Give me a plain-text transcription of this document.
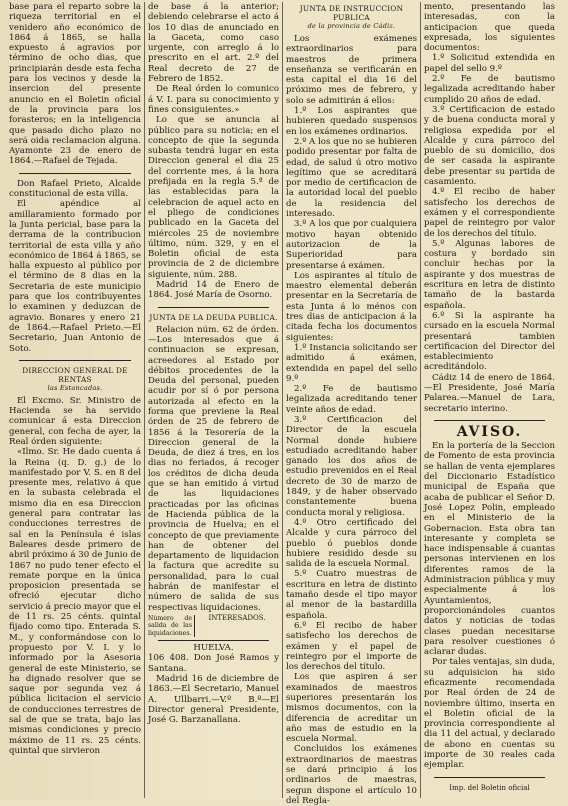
base para el reparto sobre la riqueza territorial en el venidero año económico de 1864 á 1865, se halla expuesto á agravios por término de ocho dias, que principiarán desde esta fecha para los vecinos y desde la insercion del presente anuncio en el Boletin oficial de la provincia para los forasteros; en la inteligencia que pasado dicho plazo no será oida reclamacion alguna. Ayamonte 23 de enero de 1864.—Rafael de Tejada.

Don Rafael Prieto, Alcalde constitucional de esta villa.

El apéndice al amillaramiento formado por la Junta pericial, base para la derrama de la contribucion territorial de esta villa y año económico de 1864 á 1865, se halla expuesto al público por el término de 8 dias en la Secretaria de este municipio para que los contribuyentes lo examinen y deduzcan de agravio. Bonares y enero 21 de 1864.—Rafael Prieto.—El Secretario, Juan Antonio de Soto.

DIRECCION GENERAL DE RENTAS
las Estancadas.

El Excmo. Sr. Ministro de Hacienda se ha servido comunicar á esta Direccion general, con fecha de ayer, la Real órden siguiente:

«Ilmo. Sr. He dado cuenta á la Reina (q. D. g.) de lo manifestado por V. S. en 8 del presente mes, relativo á que en la subasta celebrada el mismo dia en esa Direccion general para contratar las conducciones terrestres de sal en la Península é islas Baleares desde primero de abril próximo á 30 de Junio de 1867 no pudo tener efecto el remate porque en la única proposicion presentada se ofreció ejecutar dicho servicio á precio mayor que el de 11 rs. 25 cénts. quintal fijado como tipo. Enterada S. M., y conformándose con lo propuesto por V. I. y lo informado por la Asesoria general de este Ministerio, se ha dignado resolver que se saque por segunda vez á pública licitacion el servicio de conducciones terrestres de sal de que se trata, bajo las mismas condiciones y precio máximo de 11 rs. 25 cénts. quintal que sirvieron

de base á la anterior; debiendo celebrarse el acto á los 10 dias de anunciado en la Gaceta, como caso urgente, con arreglo á lo prescrito en el art. 2.º del Real decreto de 27 de Febrero de 1852.

De Real órden lo comunico á V. I. para su conocimiento y fines consiguientes.»

Lo que se anuncia al público para su noticia; en el concepto de que la segunda subasta tendrá lugar en esta Direccion general el dia 25 del corriente mes, á la hora prefijada en la regla 5.ª de las establecidas para la celebracion de aquel acto en el pliego de condiciones publicado en la Gaceta del miércoles 25 de noviembre último, núm. 329, y en el Boletin oficial de esta provincia de 2 de diciembre siguiente, núm. 288.

Madrid 14 de Enero de 1864. José María de Osorno.

JUNTA DE LA DEUDA PUBLICA.

Relacion núm. 62 de órden.—Los interesados que á continuacion se expresan, acreedores al Estado por débitos procedentes de la Deuda del personal, pueden acudir por sí ó por persona autorizada al efecto en la forma que previene la Real órden de 25 de febrero de 1856 á la Tesorería de la Direccion general de la Deuda, de diez á tres, en los dias no feriados, á recoger los créditos de dicha deuda que se han emitido á virtud de las liquidaciones practicadas por las oficinas de Hacienda pública de la provincia de Huelva; en el concepto de que previamente han de obtener del departamento de liquidacion la factura que acredite su personalidad, para lo cual habrán de manifestar el número de salida de sus respectivas liquidaciones.

Número de salida de las liquidaciones.	INTERESADOS.
HUELVA.

106 408. Don José Ramos y Santana.

Madrid 16 de diciembre de 1863.—El Secretario, Manuel A. Ullbarri.—V.º B.º—El Director general Presidente, José G. Barzanallana.

JUNTA DE INSTRUCCION PUBLICA
de la provincia de Cádiz.

Los exámenes extraordinarios para maestros de primera enseñanza se verificarán en esta capital el dia 16 del próximo mes de febrero, y solo se admitirán á ellos:

1.º Los aspirantes que hubieren quedado suspensos en los exámenes ordinarios.

2.º A los que no se hubieren podido presentar por falta de edad, de salud ú otro motivo legítimo que se acreditará por medio de certificacion de la autoridad local del pueblo de la residencia del interesado.

3.º A los que por cualquiera motivo hayan obtenido autorizacion de la Superioridad para presentarse á exámen.

Los aspirantes al título de maestro elemental deberán presentar en la Secretaría de esta Junta á lo ménos con tres dias de anticipacion á la citada fecha los documentos siguientes:

1.º Instancia solicitando ser admitido á exámen, extendida en papel del sello 9.º

2.º Fe de bautismo legalizada acreditando tener veinte años de edad.

3.º Certificacion del Director de la escuela Normal donde hubiere estudiado acreditando haber ganado los dos años de estudio prevenidos en el Real decreto de 30 de marzo de 1849, y de haber observado constantemente buena conducta moral y religiosa.

4.º Otro certificado del Alcalde y cura párroco del pueblo ó pueblos donde hubiere residido desde su salida de la escuela Normal.

5.º Cuatro muestras de escritura en letra de distinto tamaño desde el tipo mayor al menor de la bastardilla española.

6.º El recibo de haber satisfecho los derechos de exámen y el papel de reintegro por el importe de los derechos del título.

Los que aspiren á ser examinados de maestros superiores presentarán los mismos documentos, con la diferencia de acreditar un año mas de estudio en la escuela Normal.

Concluidos los exámenes extraordinarios de maestras se dará principio á los ordinarios de maestras, segun dispone el artículo 10 del Regla-

mento, presentando las interesadas, con la anticipacion que queda expresada, los siguientes documentos:

1.º Solicitud extendida en papel del sello 9.º

2.º Fe de bautismo legalizada acreditando haber cumplido 20 años de edad.

3.º Certificacion de estado y de buena conducta moral y religiosa expedida por el Alcalde y cura párroco del pueblo de su domicilio, dos de ser casada la aspirante debe presentar su partida de casamiento.

4.º El recibo de haber satisfecho los derechos de exámen y el correspondiente papel de reintegro por valor de los derechos del título.

5.º Algunas labores de costura y bordado sin concluir hechas por la aspirante y dos muestras de escritura en letra de distinto tamaño de la bastarda española.

6.º Si la aspirante ha cursado en la escuela Normal presentará tambien certificacion del Director del establecimiento acreditándolo.

Cádiz 14 de enero de 1864. —El Presidente, José María Palarea.—Manuel de Lara, secretario interino.

AVISO.

En la portería de la Seccion de Fomento de esta provincia se hallan de venta ejemplares del Diccionario Estadístico municipal de España que acaba de publicar el Señor D. José Lopez Polin, empleado en el Ministerio de la Gobernacion. Esta obra tan interesante y completa se hace indispensable á cuantas personas intervienen en los diferentes ramos de la Administracion pública y muy especialmente á los Ayuntamientos, proporcionándoles cuantos datos y noticias de todas clases puedan necesitarse para resolver cuestiones ó aclarar dudas.

Por tales ventajas, sin duda, su adquisicion ha sido eficazmente recomendada por Real órden de 24 de noviembre último, inserta en el Boletin oficial de la provincia correspondiente al dia 11 del actual, y declarado de abono en cuentas su importe de 30 reales cada ejemplar.

Imp. del Boletin oficial
